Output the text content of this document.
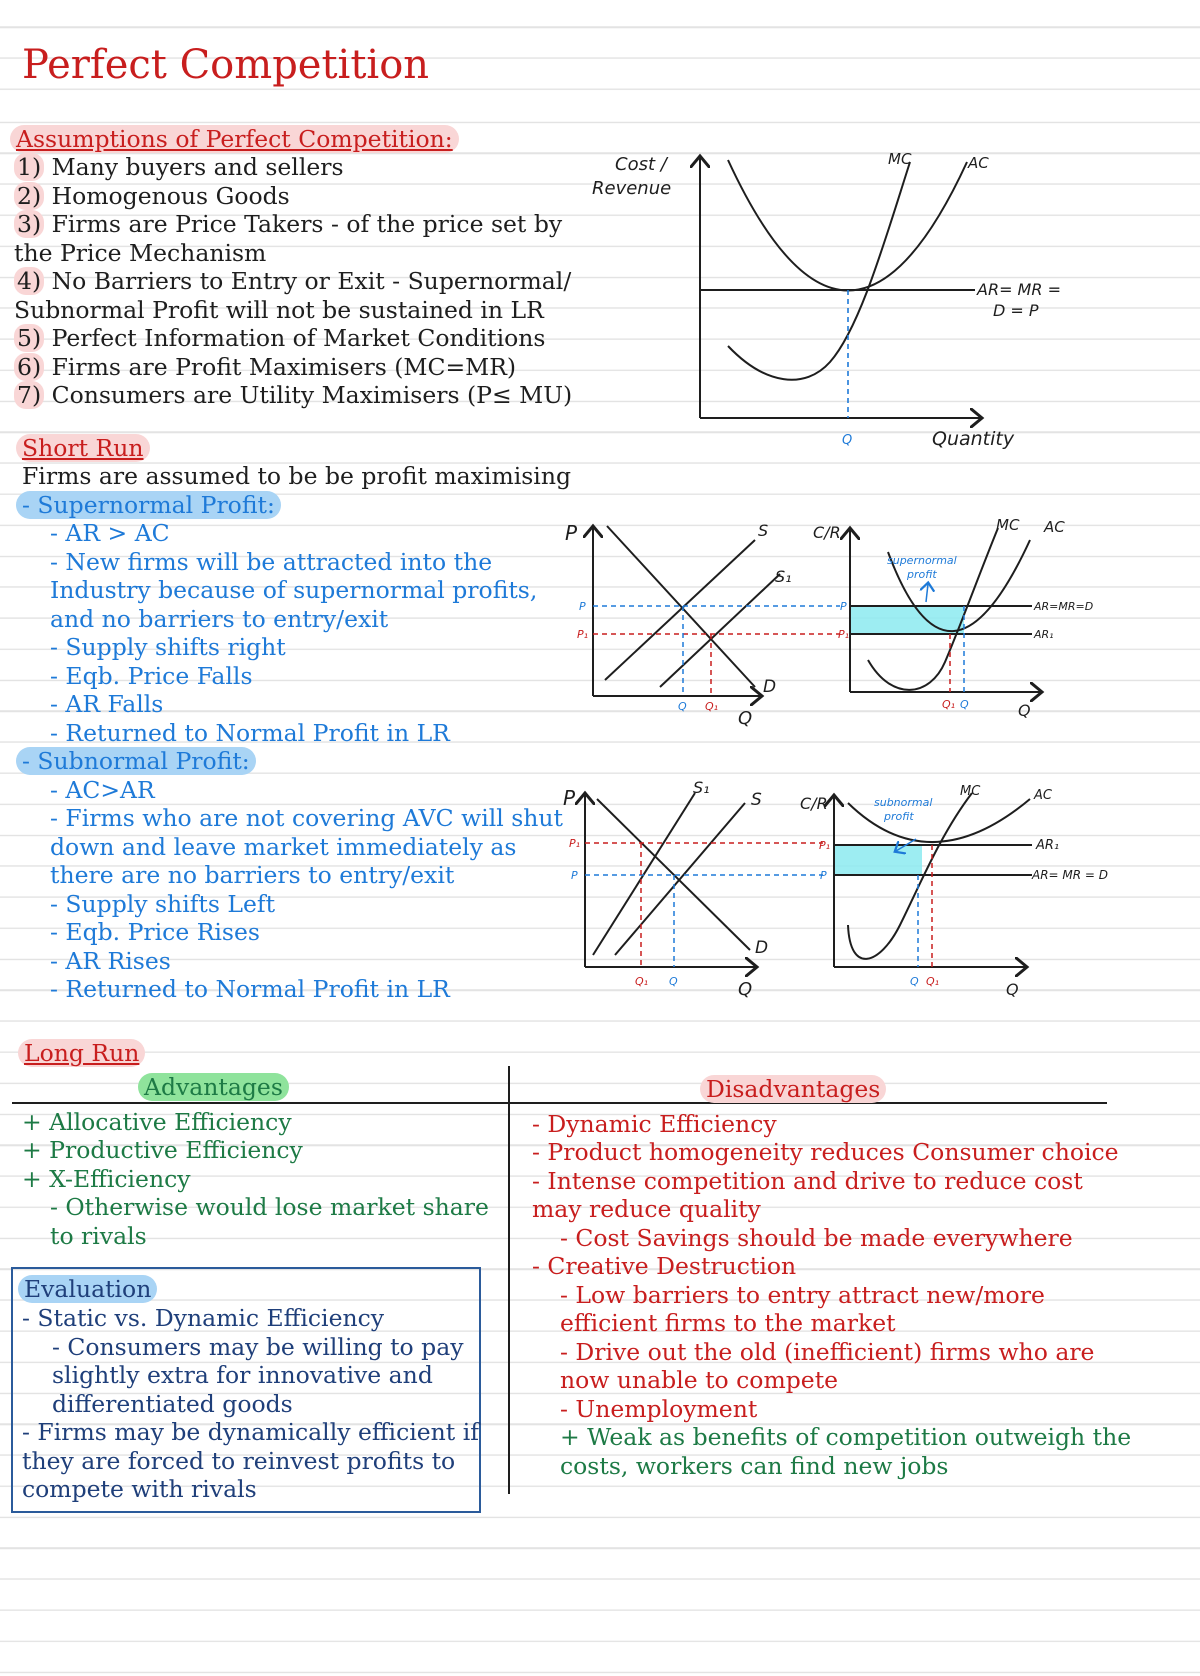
Perfect Competition
Assumptions of Perfect Competition:
1) Many buyers and sellers
2) Homogenous Goods
3) Firms are Price Takers - of the price set by
the Price Mechanism
4) No Barriers to Entry or Exit - Supernormal/
Subnormal Profit will not be sustained in LR
5) Perfect Information of Market Conditions
6) Firms are Profit Maximisers (MC=MR)
7) Consumers are Utility Maximisers (P≤ MU)
Cost /
Revenue
MC	AC
AR= MR =
D = P
Q	Quantity
Short Run
Firms are assumed to be be profit maximising
- Supernormal Profit:
- AR > AC
- New firms will be attracted into the
Industry because of supernormal profits,
and no barriers to entry/exit
- Supply shifts right
- Eqb. Price Falls
- AR Falls
- Returned to Normal Profit in LR
- Subnormal Profit:
- AC>AR
- Firms who are not covering AVC will shut
down and leave market immediately as
there are no barriers to entry/exit
- Supply shifts Left
- Eqb. Price Rises
- AR Rises
- Returned to Normal Profit in LR
P	S
S₁
D
Q
P
P₁
Q Q₁
C/R	MC AC
supernormal
profit
AR=MR=D
AR₁
P
P₁
Q₁ Q	Q
P	S₁
S
D
Q
P₁
P
Q₁ Q
C/R
MC	AC
subnormal
profit
AR₁
AR= MR = D
P₁
P
Q Q₁	Q
Long Run
Advantages
+ Allocative Efficiency
+ Productive Efficiency
+ X-Efficiency
- Otherwise would lose market share
to rivals
Disadvantages
- Dynamic Efficiency
- Product homogeneity reduces Consumer choice
- Intense competition and drive to reduce cost
may reduce quality
- Cost Savings should be made everywhere
- Creative Destruction
- Low barriers to entry attract new/more
efficient firms to the market
- Drive out the old (inefficient) firms who are
now unable to compete
- Unemployment
+ Weak as benefits of competition outweigh the
costs, workers can find new jobs
Evaluation
- Static vs. Dynamic Efficiency
- Consumers may be willing to pay
slightly extra for innovative and
differentiated goods
- Firms may be dynamically efficient if
they are forced to reinvest profits to
compete with rivals
